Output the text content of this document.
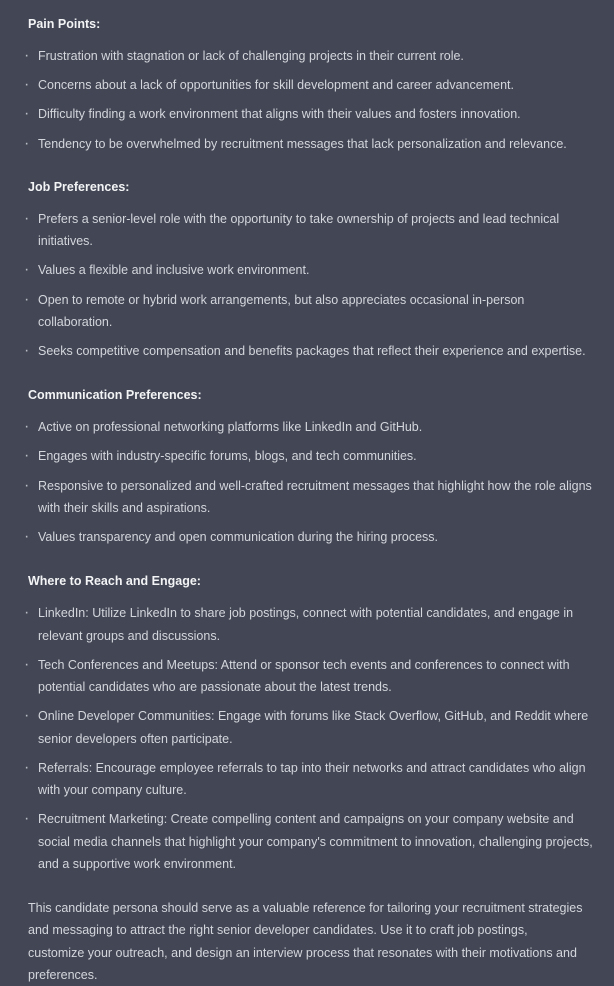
Pain Points:
· Frustration with stagnation or lack of challenging projects in their current role.
· Concerns about a lack of opportunities for skill development and career advancement.
· Difficulty finding a work environment that aligns with their values and fosters innovation.
· Tendency to be overwhelmed by recruitment messages that lack personalization and relevance.
Job Preferences:
· Prefers a senior-level role with the opportunity to take ownership of projects and lead technical initiatives.
· Values a flexible and inclusive work environment.
· Open to remote or hybrid work arrangements, but also appreciates occasional in-person collaboration.
· Seeks competitive compensation and benefits packages that reflect their experience and expertise.
Communication Preferences:
· Active on professional networking platforms like LinkedIn and GitHub.
· Engages with industry-specific forums, blogs, and tech communities.
· Responsive to personalized and well-crafted recruitment messages that highlight how the role aligns with their skills and aspirations.
· Values transparency and open communication during the hiring process.
Where to Reach and Engage:
· LinkedIn: Utilize LinkedIn to share job postings, connect with potential candidates, and engage in relevant groups and discussions.
· Tech Conferences and Meetups: Attend or sponsor tech events and conferences to connect with potential candidates who are passionate about the latest trends.
· Online Developer Communities: Engage with forums like Stack Overflow, GitHub, and Reddit where senior developers often participate.
· Referrals: Encourage employee referrals to tap into their networks and attract candidates who align with your company culture.
· Recruitment Marketing: Create compelling content and campaigns on your company website and social media channels that highlight your company's commitment to innovation, challenging projects, and a supportive work environment.

This candidate persona should serve as a valuable reference for tailoring your recruitment strategies and messaging to attract the right senior developer candidates. Use it to craft job postings, customize your outreach, and design an interview process that resonates with their motivations and preferences.
